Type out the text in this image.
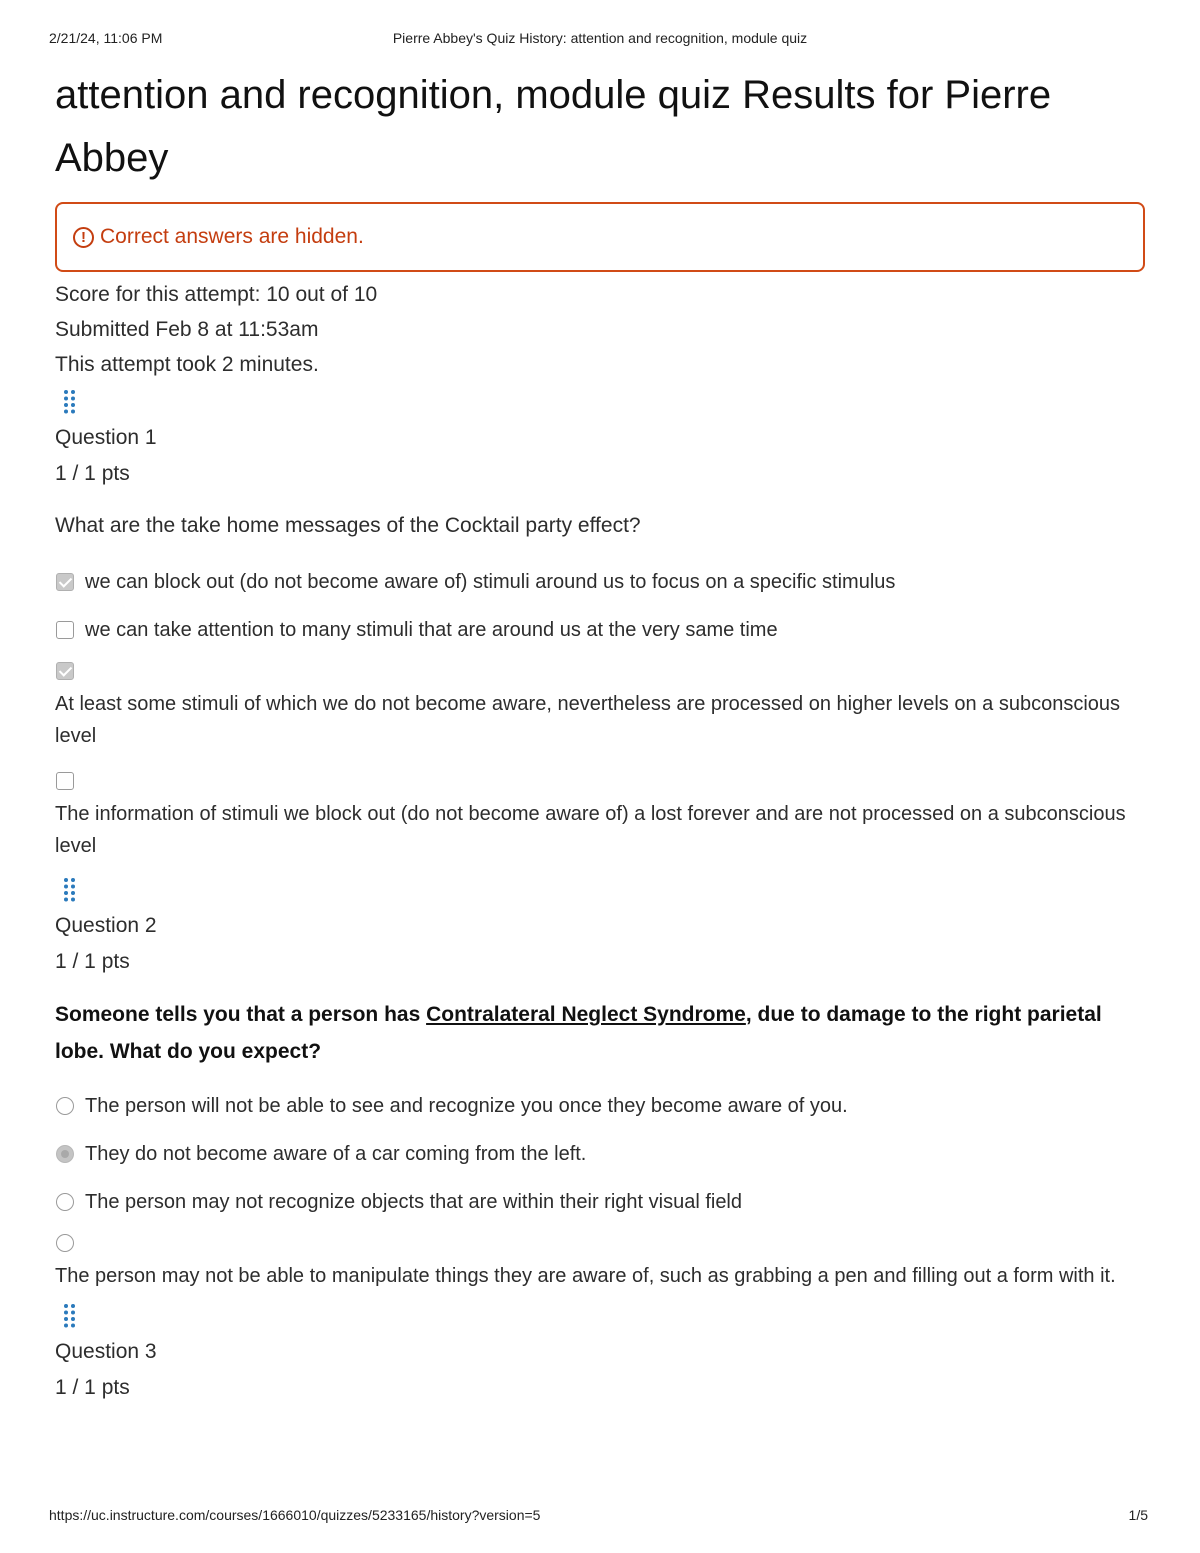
2/21/24, 11:06 PM	Pierre Abbey's Quiz History: attention and recognition, module quiz
attention and recognition, module quiz Results for Pierre Abbey
! Correct answers are hidden.
Score for this attempt: 10 out of 10
Submitted Feb 8 at 11:53am
This attempt took 2 minutes.
Question 1
1 / 1 pts
What are the take home messages of the Cocktail party effect?
we can block out (do not become aware of) stimuli around us to focus on a specific stimulus
we can take attention to many stimuli that are around us at the very same time
At least some stimuli of which we do not become aware, nevertheless are processed on higher levels on a subconscious level
The information of stimuli we block out (do not become aware of) a lost forever and are not processed on a subconscious level
Question 2
1 / 1 pts
Someone tells you that a person has Contralateral Neglect Syndrome, due to damage to the right parietal lobe. What do you expect?
The person will not be able to see and recognize you once they become aware of you.
They do not become aware of a car coming from the left.
The person may not recognize objects that are within their right visual field
The person may not be able to manipulate things they are aware of, such as grabbing a pen and filling out a form with it.
Question 3
1 / 1 pts
https://uc.instructure.com/courses/1666010/quizzes/5233165/history?version=5	1/5
